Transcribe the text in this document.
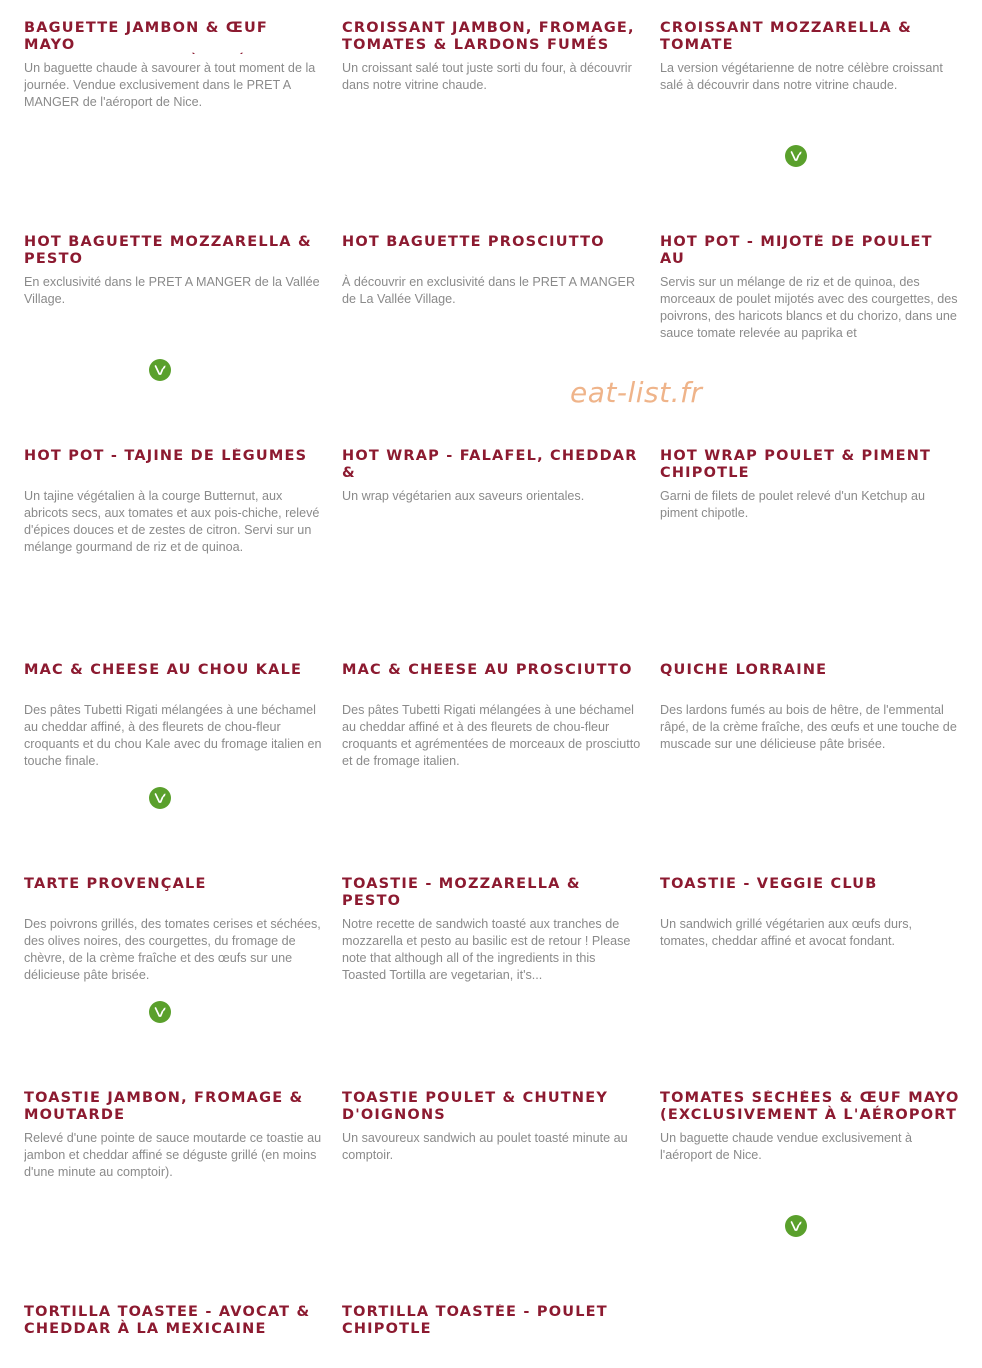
BAGUETTE JAMBON & ŒUF MAYO

Un baguette chaude à savourer à tout moment de la journée. Vendue exclusivement dans le PRET A MANGER de l'aéroport de Nice.

CROISSANT JAMBON, FROMAGE,
TOMATES & LARDONS FUMÉS

Un croissant salé tout juste sorti du four, à découvrir dans notre vitrine chaude.

CROISSANT MOZZARELLA &
TOMATE

La version végétarienne de notre célèbre croissant salé à découvrir dans notre vitrine chaude.

HOT BAGUETTE MOZZARELLA &
PESTO

En exclusivité dans le PRET A MANGER de la Vallée Village.

HOT BAGUETTE PROSCIUTTO

À découvrir en exclusivité dans le PRET A MANGER de La Vallée Village.

HOT POT - MIJOTÉ DE POULET AU

Servis sur un mélange de riz et de quinoa, des morceaux de poulet mijotés avec des courgettes, des poivrons, des haricots blancs et du chorizo, dans une sauce tomate relevée au paprika et

HOT POT - TAJINE DE LÉGUMES

Un tajine végétalien à la courge Butternut, aux abricots secs, aux tomates et aux pois-chiche, relevé d'épices douces et de zestes de citron. Servi sur un mélange gourmand de riz et de quinoa.

HOT WRAP - FALAFEL, CHEDDAR &

Un wrap végétarien aux saveurs orientales.

HOT WRAP POULET & PIMENT
CHIPOTLE

Garni de filets de poulet relevé d'un Ketchup au piment chipotle.

MAC & CHEESE AU CHOU KALE

Des pâtes Tubetti Rigati mélangées à une béchamel au cheddar affiné, à des fleurets de chou-fleur croquants et du chou Kale avec du fromage italien en touche finale.

MAC & CHEESE AU PROSCIUTTO

Des pâtes Tubetti Rigati mélangées à une béchamel au cheddar affiné et à des fleurets de chou-fleur croquants et agrémentées de morceaux de prosciutto et de fromage italien.

QUICHE LORRAINE

Des lardons fumés au bois de hêtre, de l'emmental râpé, de la crème fraîche, des œufs et une touche de muscade sur une délicieuse pâte brisée.

TARTE PROVENÇALE

Des poivrons grillés, des tomates cerises et séchées, des olives noires, des courgettes, du fromage de chèvre, de la crème fraîche et des œufs sur une délicieuse pâte brisée.

TOASTIE - MOZZARELLA & PESTO

Notre recette de sandwich toasté aux tranches de mozzarella et pesto au basilic est de retour ! Please note that although all of the ingredients in this Toasted Tortilla are vegetarian, it's...

TOASTIE - VEGGIE CLUB

Un sandwich grillé végétarien aux œufs durs, tomates, cheddar affiné et avocat fondant.

TOASTIE JAMBON, FROMAGE &
MOUTARDE

Relevé d'une pointe de sauce moutarde ce toastie au jambon et cheddar affiné se déguste grillé (en moins d'une minute au comptoir).

TOASTIE POULET & CHUTNEY
D'OIGNONS

Un savoureux sandwich au poulet toasté minute au comptoir.

TOMATES SÉCHÉES & ŒUF MAYO
(EXCLUSIVEMENT À L'AÉROPORT

Un baguette chaude vendue exclusivement à l'aéroport de Nice.

TORTILLA TOASTEE - AVOCAT &
CHEDDAR À LA MEXICAINE
TORTILLA TOASTÉE - POULET
CHIPOTLE
eat-list.fr
